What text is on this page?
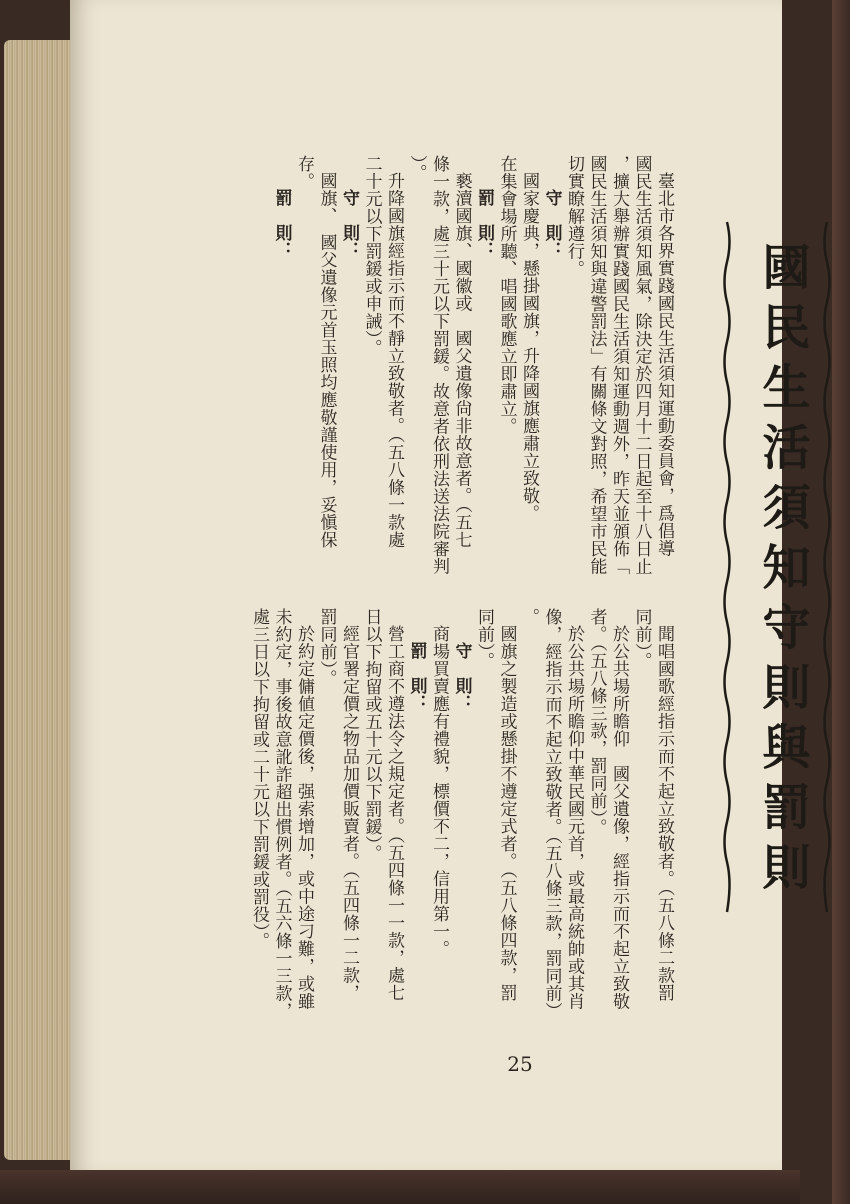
國民生活須知守則與罰則
臺北市各界實踐國民生活須知運動委員會，爲倡導
國民生活須知風氣，除決定於四月十二日起至十八日止
，擴大舉辦實踐國民生活須知運動週外，昨天並頒佈「
國民生活須知與違警罰法」有關條文對照，希望市民能
切實瞭解遵行。
守　則：
國家慶典，懸掛國旗，升降國旗應肅立致敬。
在集會場所聽、唱國歌應立即肅立。
罰　則：
褻瀆國旗、國徽或　國父遺像尙非故意者。（五七
條一款，處三十元以下罰鍰。故意者依刑法送法院審判
）。
升降國旗經指示而不靜立致敬者。（五八條一款處
二十元以下罰鍰或申誡）。
守　則：
國旗、　國父遺像元首玉照均應敬謹使用，妥愼保
存。
罰　則：
聞唱國歌經指示而不起立致敬者。（五八條二款罰
同前）。
於公共場所瞻仰　國父遺像，經指示而不起立致敬
者。（五八條三款，罰同前）。
於公共場所瞻仰中華民國元首，或最高統帥或其肖
像，經指示而不起立致敬者。（五八條三款，罰同前）
。
國旗之製造或懸掛不遵定式者。（五八條四款，罰
同前）。
守　則：
商場買賣應有禮貌，標價不二，信用第一。
罰　則：
營工商不遵法令之規定者。（五四條一一款，處七
日以下拘留或五十元以下罰鍰）。
經官署定價之物品加價販賣者。（五四條一二款，
罰同前）。
於約定傭値定價後，强索增加，或中途刁難，或雖
未約定，事後故意訛詐超出慣例者。（五六條一三款，
處三日以下拘留或二十元以下罰鍰或罰役）。
25
